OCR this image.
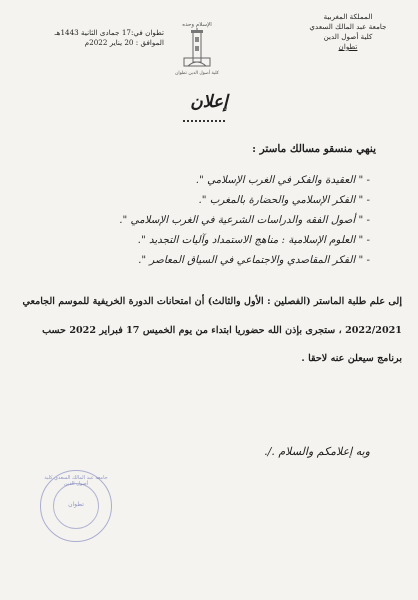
المملكة المغربية
جامعة عبد المالك السعدي
كلية أصول الدين
تطوان
الإسلام وحده
كلية أصول الدين تطوان
تطوان في:17 جمادى الثانية 1443هـ
الموافق : 20 يناير 2022م
إعلان
ينهي منسقو مسالك ماستر :
- " العقيدة والفكر في الغرب الإسلامي ".
- " الفكر الإسلامي والحضارة بالمغرب ".
- " أصول الفقه والدراسات الشرعية في الغرب الإسلامي ".
- " العلوم الإسلامية : مناهج الاستمداد وآليات التجديد ".
- " الفكر المقاصدي والاجتماعي في السياق المعاصر ".

إلى علم طلبة الماستر (الفصلين : الأول والثالث) أن امتحانات الدورة الخريفية للموسم الجامعي 2022/2021 ، ستجرى بإذن الله حضوريا ابتداء من يوم الخميس 17 فبراير 2022 حسب برنامج سيعلن عنه لاحقا .

وبه إعلامكم والسلام ./.
جامعة عبد المالك السعدي كلية أصول الدين
تطوان
